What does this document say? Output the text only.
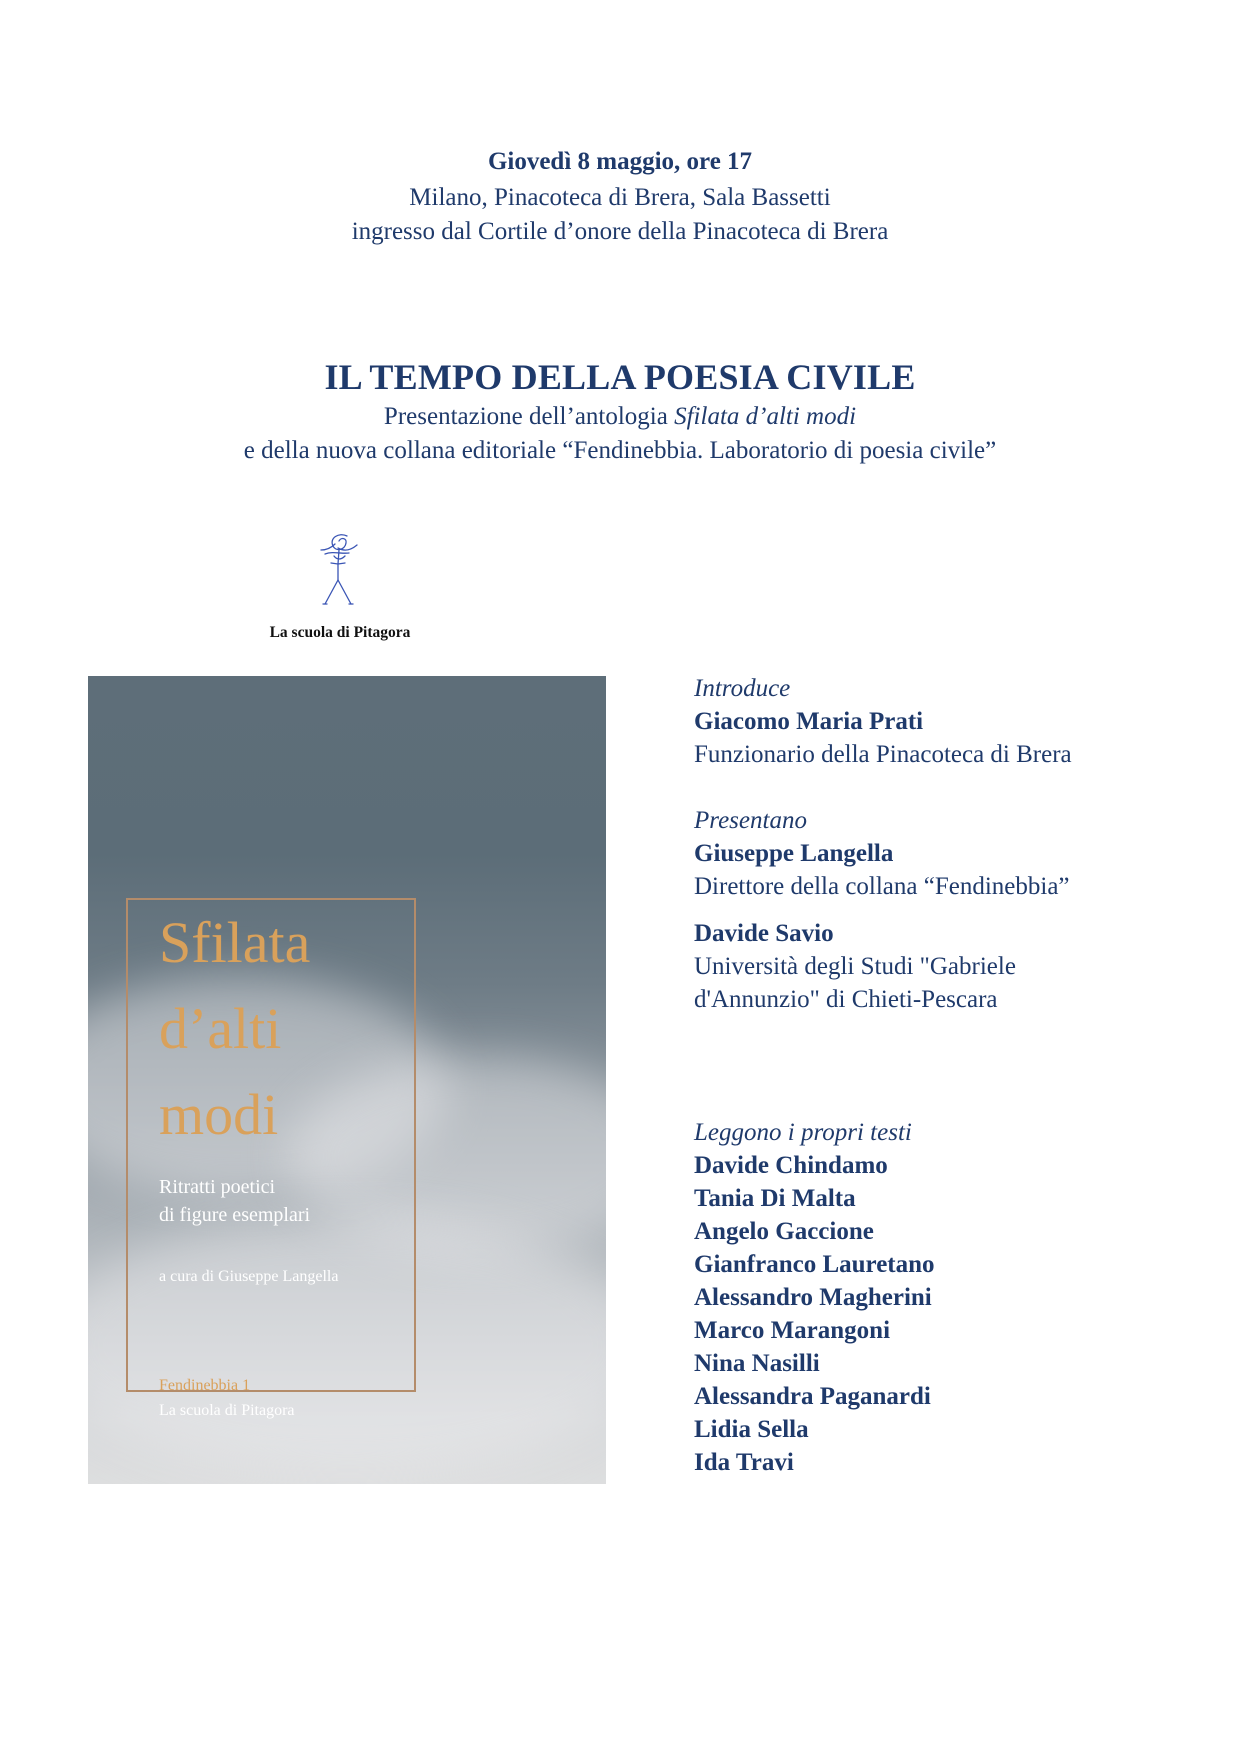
Giovedì 8 maggio, ore 17
Milano, Pinacoteca di Brera, Sala Bassetti
ingresso dal Cortile d’onore della Pinacoteca di Brera
IL TEMPO DELLA POESIA CIVILE
Presentazione dell’antologia Sfilata d’alti modi
e della nuova collana editoriale “Fendinebbia. Laboratorio di poesia civile”
La scuola di Pitagora
Sfilata
d’alti
modi
Ritratti poetici
di figure esemplari
a cura di Giuseppe Langella
Fendinebbia 1
La scuola di Pitagora
Introduce
Giacomo Maria Prati
Funzionario della Pinacoteca di Brera
Presentano
Giuseppe Langella
Direttore della collana “Fendinebbia”
Davide Savio
Università degli Studi "Gabriele
d'Annunzio" di Chieti-Pescara
Leggono i propri testi
Davide Chindamo
Tania Di Malta
Angelo Gaccione
Gianfranco Lauretano
Alessandro Magherini
Marco Marangoni
Nina Nasilli
Alessandra Paganardi
Lidia Sella
Ida Travi
